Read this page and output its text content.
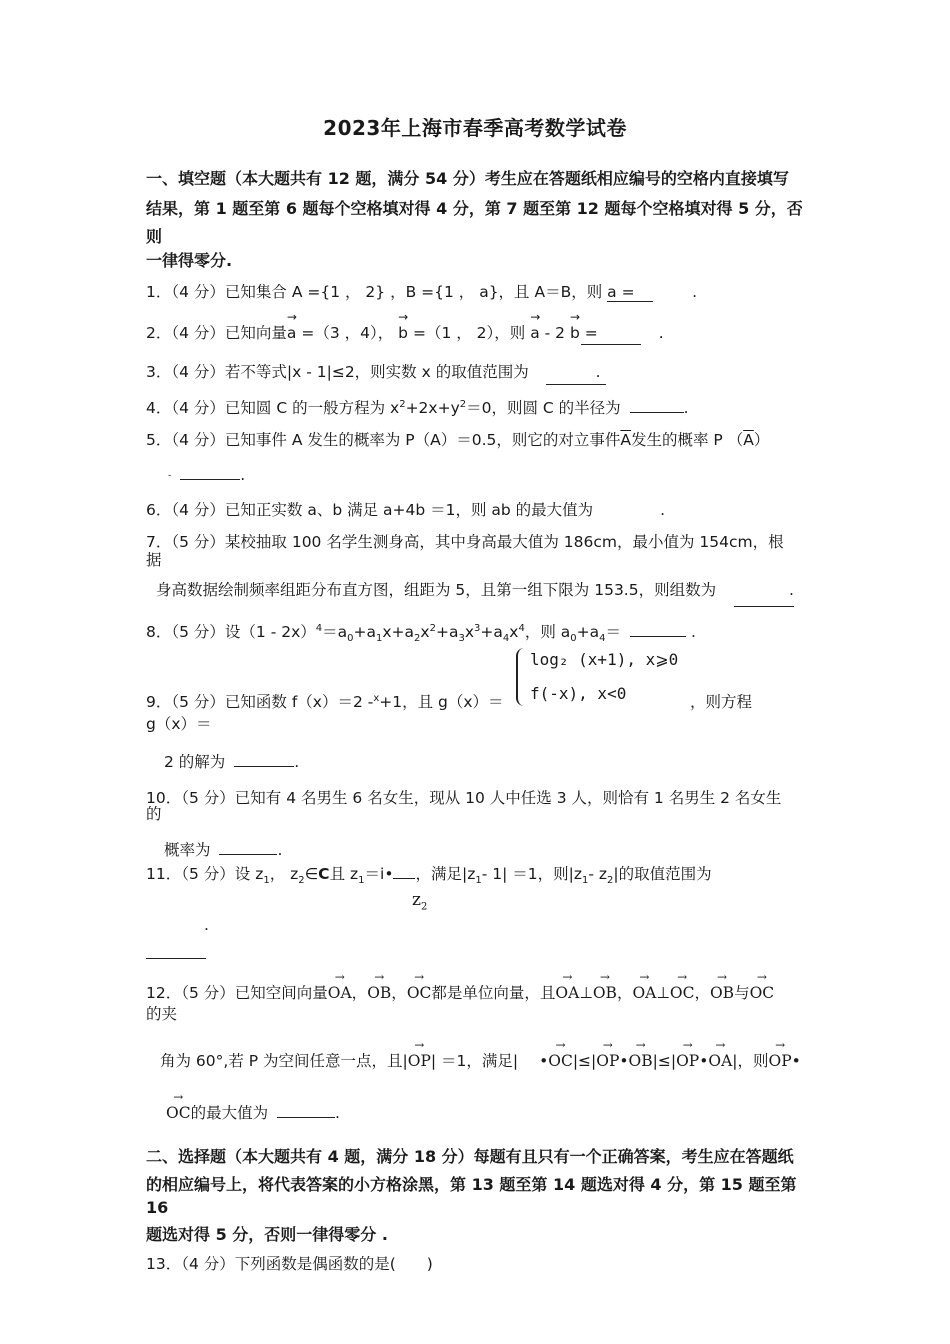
2023年上海市春季高考数学试卷
一、填空题（本大题共有 12 题，满分 54 分）考生应在答题纸相应编号的空格内直接填写
结果，第 1 题至第 6 题每个空格填对得 4 分，第 7 题至第 12 题每个空格填对得 5 分，否
则
一律得零分.
1．（4 分）已知集合 A ={1 ， 2} ，B ={1 ， a}，且 A＝B，则 a =	.
2．（4 分）已知向量→ a =（3 ，4）， → b =（1 ， 2），则 → a - 2 → b =	.
3．（4 分）若不等式|x - 1|≤2，则实数 x 的取值范围为	.
4．（4 分）已知圆 C 的一般方程为 $x^2+2x+y^2=0$，则圆 C 的半径为	.
5．（4 分）已知事件 A 发生的概率为 P（A）＝0.5，则它的对立事件$\overline{A}$发生的概率 P $(\overline{A})$
-	.
6．（4 分）已知正实数 a、b 满足 a+4b ＝1，则 ab 的最大值为	.
7．（5 分）某校抽取 100 名学生测身高，其中身高最大值为 186cm，最小值为 154cm，根
据
身高数据绘制频率组距分布直方图，组距为 5，且第一组下限为 153.5，则组数为	.
8．（5 分）设$(1 - 2x)^4=a_0+a_1x+a_2x^2+a_3x^3+a_4x^4$，则 $a_0+a_4=$	.
log₂ (x+1), x⩾0
f(-x), x<0
9．（5 分）已知函数 f（x）＝2 -$^x$+1，且 g（x）＝	，则方程
g（x）＝
2 的解为	.
10．（5 分）已知有 4 名男生 6 名女生，现从 10 人中任选 3 人，则恰有 1 名男生 2 名女生
的
概率为	.
11．（5 分）设 $z_1$， $z_2\in C$且 $z_1=i•$ ，满足$|z_1-$ 1| ＝1，则$|z_1-$ $z_2|$的取值范围为
$z_2$
.
12．（5 分）已知空间向量→ OA，→ OB，→ OC都是单位向量，且→ OA⊥→ OB，→ OA⊥→ OC，→ OB与→ OC
的夹
角为 60°,若 P 为空间任意一点，且|→ OP| ＝1，满足| •→ OC|≤|→ OP•→ OB|≤|→ OP•→ OA|，则→ OP•
→ OC的最大值为	.
二、选择题（本大题共有 4 题，满分 18 分）每题有且只有一个正确答案，考生应在答题纸
的相应编号上，将代表答案的小方格涂黑，第 13 题至第 14 题选对得 4 分，第 15 题至第
16
题选对得 5 分，否则一律得零分 .
13．（4 分）下列函数是偶函数的是(　　)
